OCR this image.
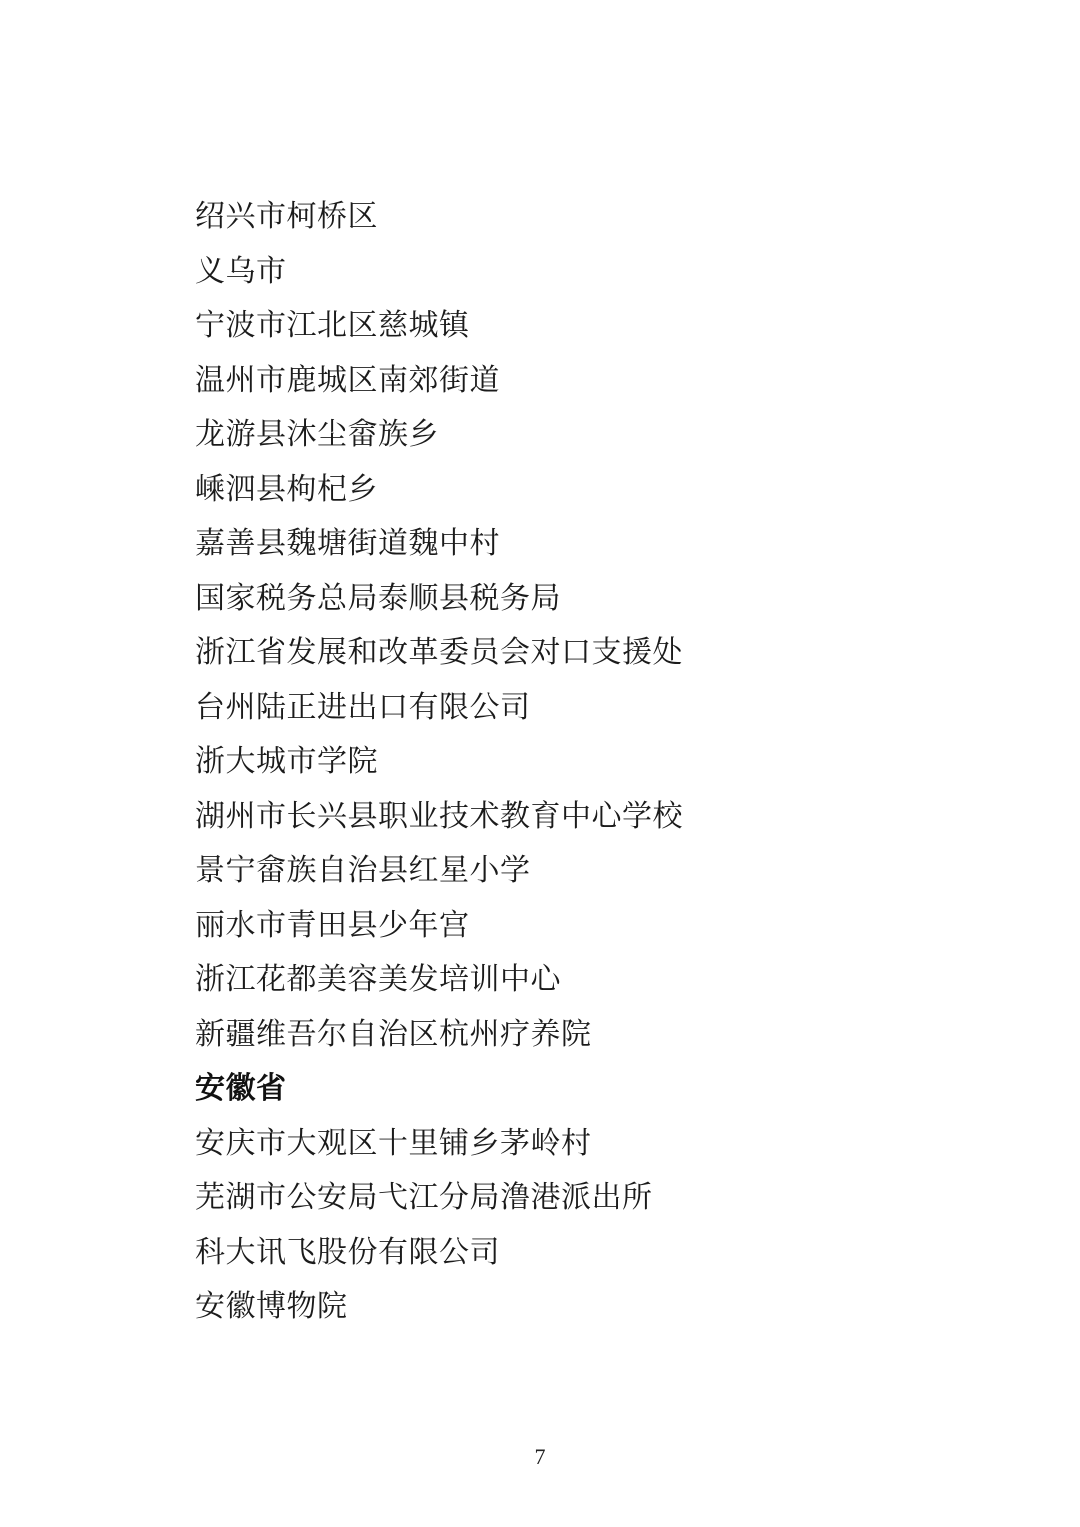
绍兴市柯桥区
义乌市
宁波市江北区慈城镇
温州市鹿城区南郊街道
龙游县沐尘畲族乡
嵊泗县枸杞乡
嘉善县魏塘街道魏中村
国家税务总局泰顺县税务局
浙江省发展和改革委员会对口支援处
台州陆正进出口有限公司
浙大城市学院
湖州市长兴县职业技术教育中心学校
景宁畲族自治县红星小学
丽水市青田县少年宫
浙江花都美容美发培训中心
新疆维吾尔自治区杭州疗养院
安徽省
安庆市大观区十里铺乡茅岭村
芜湖市公安局弋江分局澛港派出所
科大讯飞股份有限公司
安徽博物院
7
